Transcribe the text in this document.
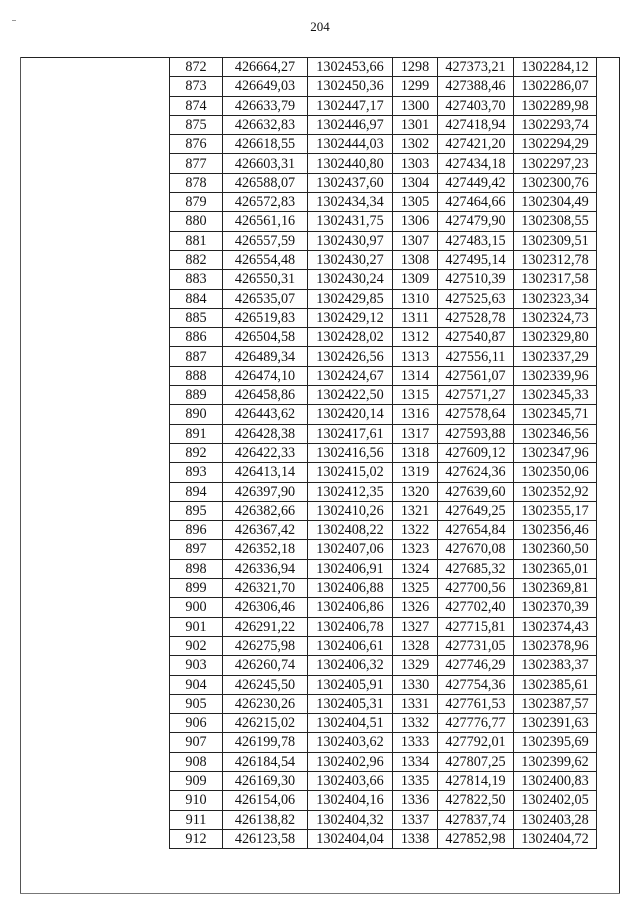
204
872	426664,27	1302453,66	1298	427373,21	1302284,12
873	426649,03	1302450,36	1299	427388,46	1302286,07
874	426633,79	1302447,17	1300	427403,70	1302289,98
875	426632,83	1302446,97	1301	427418,94	1302293,74
876	426618,55	1302444,03	1302	427421,20	1302294,29
877	426603,31	1302440,80	1303	427434,18	1302297,23
878	426588,07	1302437,60	1304	427449,42	1302300,76
879	426572,83	1302434,34	1305	427464,66	1302304,49
880	426561,16	1302431,75	1306	427479,90	1302308,55
881	426557,59	1302430,97	1307	427483,15	1302309,51
882	426554,48	1302430,27	1308	427495,14	1302312,78
883	426550,31	1302430,24	1309	427510,39	1302317,58
884	426535,07	1302429,85	1310	427525,63	1302323,34
885	426519,83	1302429,12	1311	427528,78	1302324,73
886	426504,58	1302428,02	1312	427540,87	1302329,80
887	426489,34	1302426,56	1313	427556,11	1302337,29
888	426474,10	1302424,67	1314	427561,07	1302339,96
889	426458,86	1302422,50	1315	427571,27	1302345,33
890	426443,62	1302420,14	1316	427578,64	1302345,71
891	426428,38	1302417,61	1317	427593,88	1302346,56
892	426422,33	1302416,56	1318	427609,12	1302347,96
893	426413,14	1302415,02	1319	427624,36	1302350,06
894	426397,90	1302412,35	1320	427639,60	1302352,92
895	426382,66	1302410,26	1321	427649,25	1302355,17
896	426367,42	1302408,22	1322	427654,84	1302356,46
897	426352,18	1302407,06	1323	427670,08	1302360,50
898	426336,94	1302406,91	1324	427685,32	1302365,01
899	426321,70	1302406,88	1325	427700,56	1302369,81
900	426306,46	1302406,86	1326	427702,40	1302370,39
901	426291,22	1302406,78	1327	427715,81	1302374,43
902	426275,98	1302406,61	1328	427731,05	1302378,96
903	426260,74	1302406,32	1329	427746,29	1302383,37
904	426245,50	1302405,91	1330	427754,36	1302385,61
905	426230,26	1302405,31	1331	427761,53	1302387,57
906	426215,02	1302404,51	1332	427776,77	1302391,63
907	426199,78	1302403,62	1333	427792,01	1302395,69
908	426184,54	1302402,96	1334	427807,25	1302399,62
909	426169,30	1302403,66	1335	427814,19	1302400,83
910	426154,06	1302404,16	1336	427822,50	1302402,05
911	426138,82	1302404,32	1337	427837,74	1302403,28
912	426123,58	1302404,04	1338	427852,98	1302404,72
